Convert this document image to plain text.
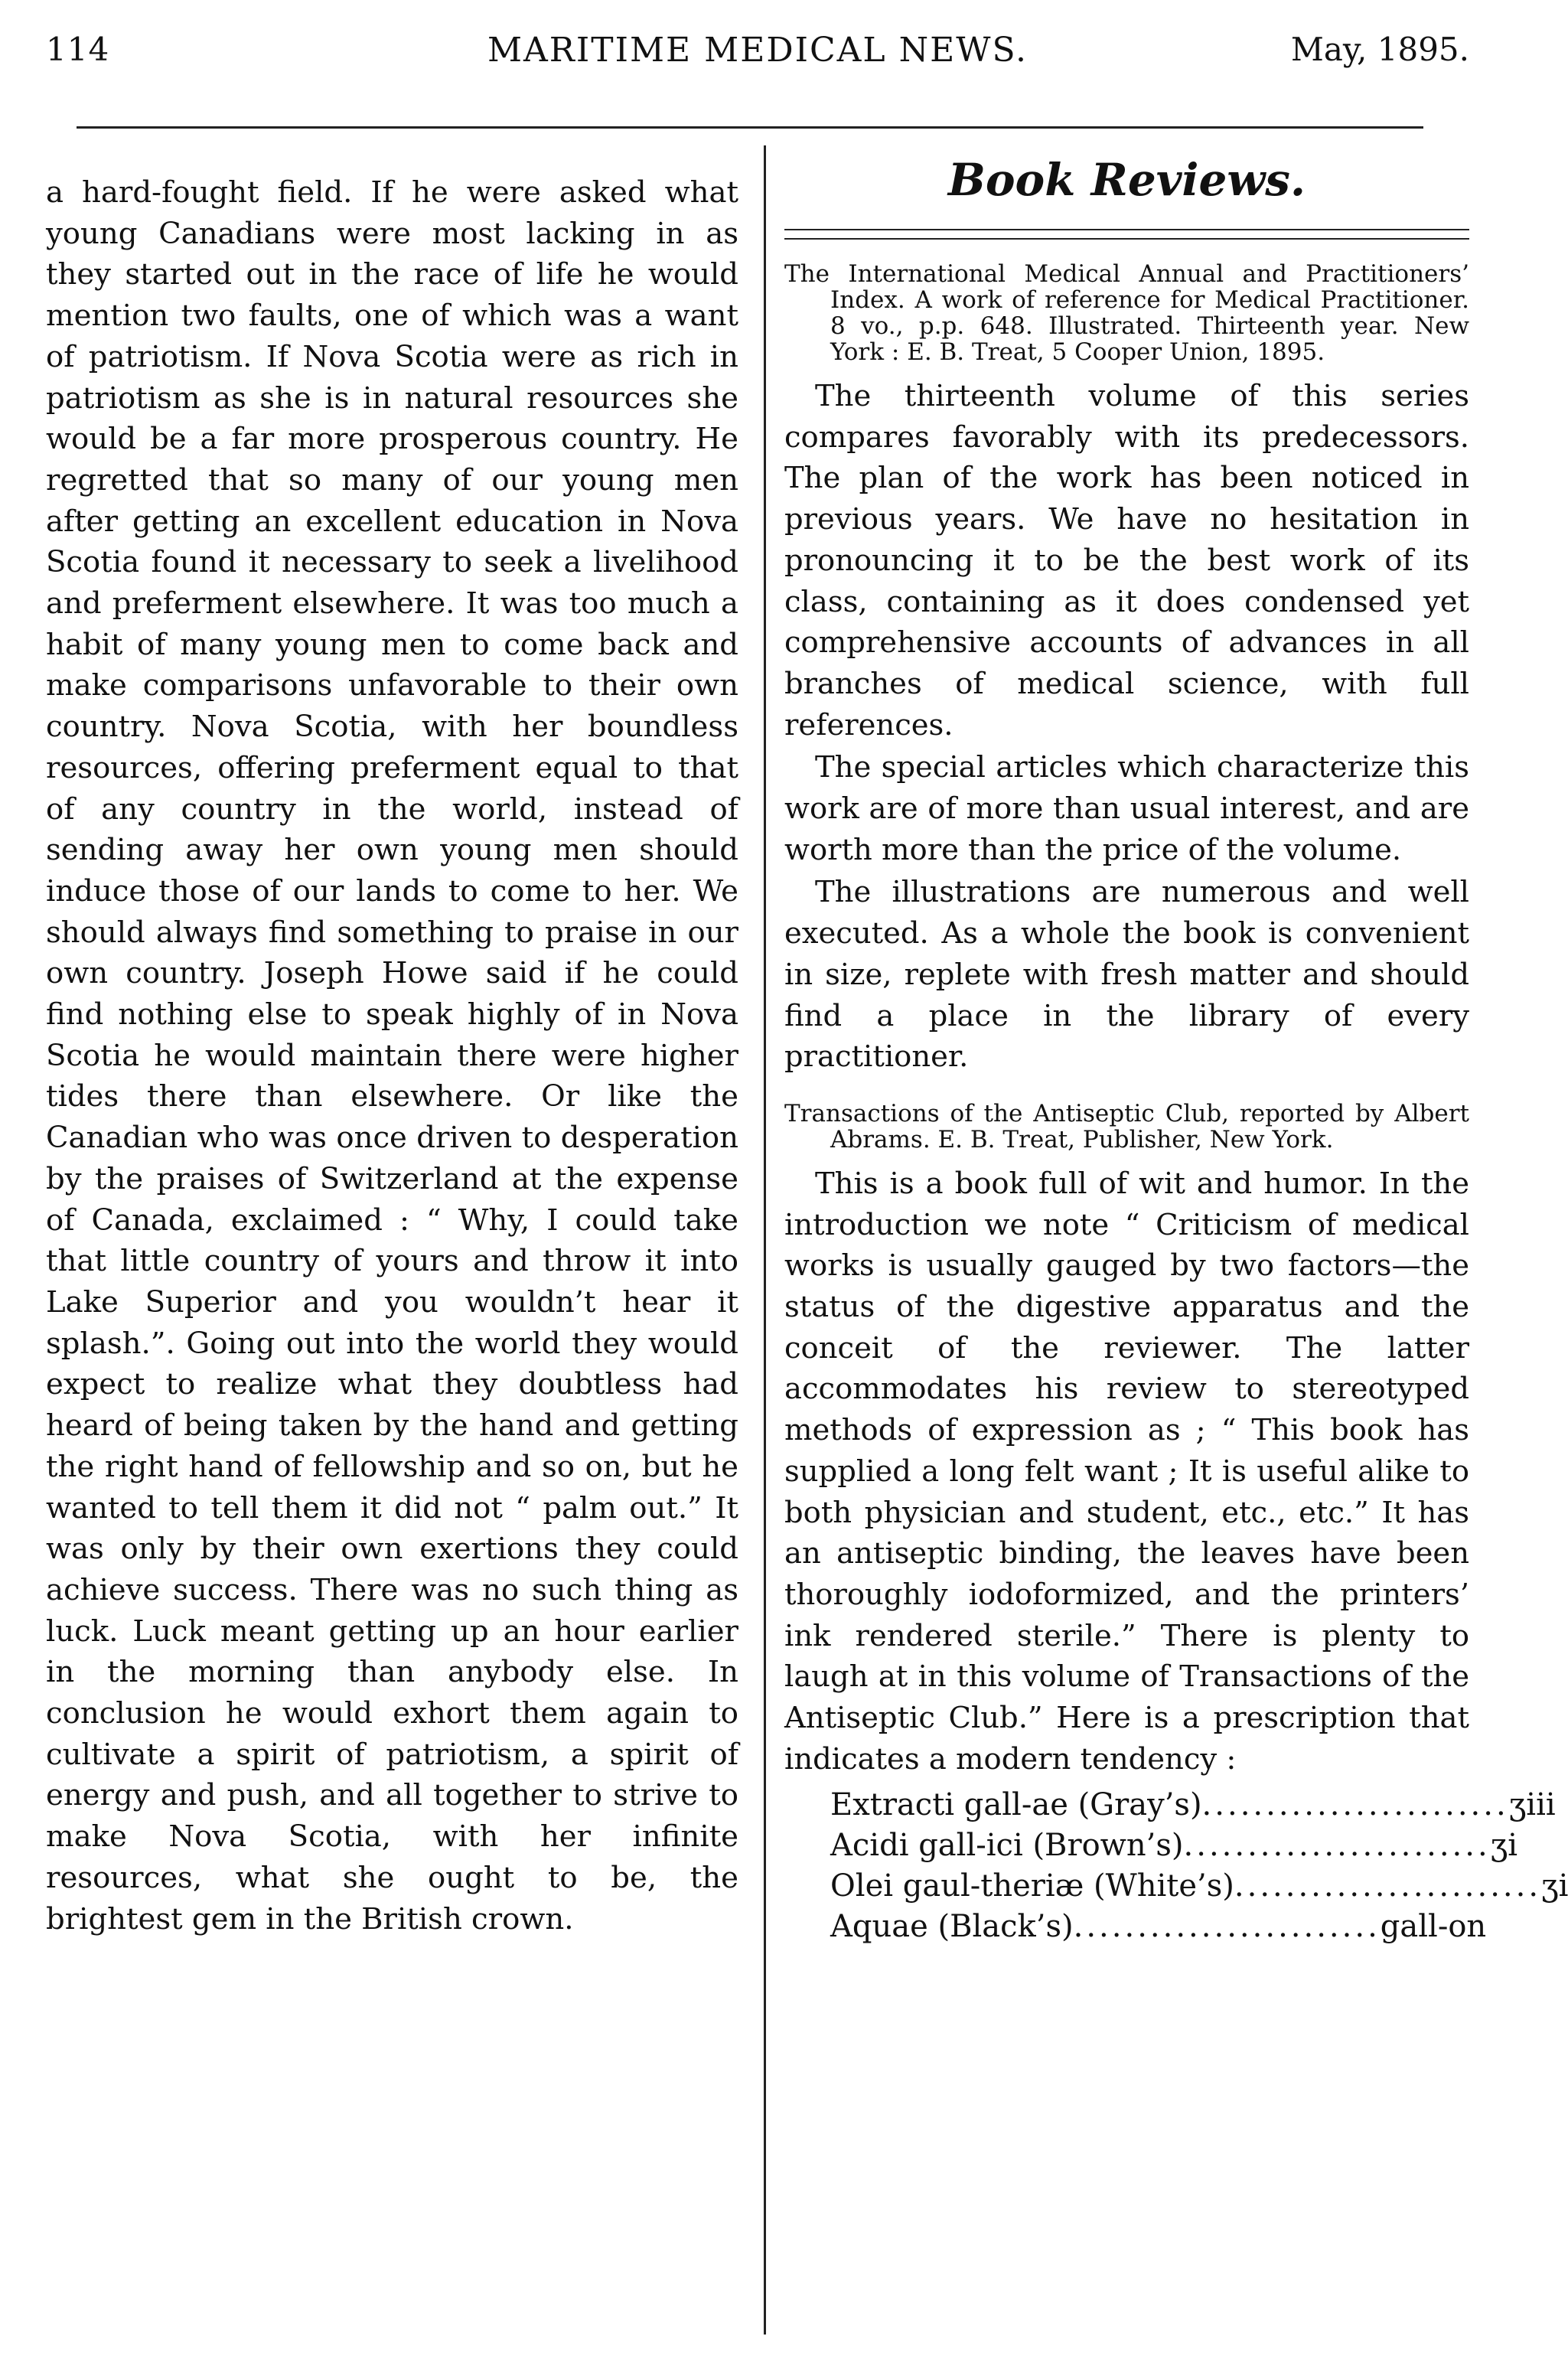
114	MARITIME MEDICAL NEWS.	May, 1895.

a hard-fought field. If he were asked what young Canadians were most lacking in as they started out in the race of life he would mention two faults, one of which was a want of patriotism. If Nova Scotia were as rich in patriotism as she is in natural resources she would be a far more prosperous country. He regretted that so many of our young men after getting an excellent education in Nova Scotia found it necessary to seek a livelihood and preferment elsewhere. It was too much a habit of many young men to come back and make comparisons unfavorable to their own country. Nova Scotia, with her boundless resources, offering preferment equal to that of any country in the world, instead of sending away her own young men should induce those of our lands to come to her. We should always find something to praise in our own country. Joseph Howe said if he could find nothing else to speak highly of in Nova Scotia he would maintain there were higher tides there than elsewhere. Or like the Canadian who was once driven to desperation by the praises of Switzerland at the expense of Canada, exclaimed : “ Why, I could take that little country of yours and throw it into Lake Superior and you wouldn’t hear it splash.”. Going out into the world they would expect to realize what they doubtless had heard of being taken by the hand and getting the right hand of fellowship and so on, but he wanted to tell them it did not “ palm out.” It was only by their own exertions they could achieve success. There was no such thing as luck. Luck meant getting up an hour earlier in the morning than anybody else. In conclusion he would exhort them again to cultivate a spirit of patriotism, a spirit of energy and push, and all together to strive to make Nova Scotia, with her infinite resources, what she ought to be, the brightest gem in the British crown.

Book Reviews.

The International Medical Annual and Practitioners’ Index. A work of reference for Medical Practitioner. 8 vo., p.p. 648. Illustrated. Thirteenth year. New York : E. B. Treat, 5 Cooper Union, 1895.

The thirteenth volume of this series compares favorably with its predecessors. The plan of the work has been noticed in previous years. We have no hesitation in pronouncing it to be the best work of its class, containing as it does condensed yet comprehensive accounts of advances in all branches of medical science, with full references.

The special articles which characterize this work are of more than usual interest, and are worth more than the price of the volume.

The illustrations are numerous and well executed. As a whole the book is convenient in size, replete with fresh matter and should find a place in the library of every practitioner.

Transactions of the Antiseptic Club, reported by Albert Abrams. E. B. Treat, Publisher, New York.

This is a book full of wit and humor. In the introduction we note “ Criticism of medical works is usually gauged by two factors—the status of the digestive apparatus and the conceit of the reviewer. The latter accommodates his review to stereotyped methods of expression as ; “ This book has supplied a long felt want ; It is useful alike to both physician and student, etc., etc.” It has an antiseptic binding, the leaves have been thoroughly iodoformized, and the printers’ ink rendered sterile.” There is plenty to laugh at in this volume of Transactions of the Antiseptic Club.” Here is a prescription that indicates a modern tendency :

Extracti gall-ae (Gray’s) ........................ ʒiii
Acidi gall-ici (Brown’s) ........................ ʒi
Olei gaul-theriæ (White’s) ........................ ʒi
Aquae (Black’s) ........................ gall-on
